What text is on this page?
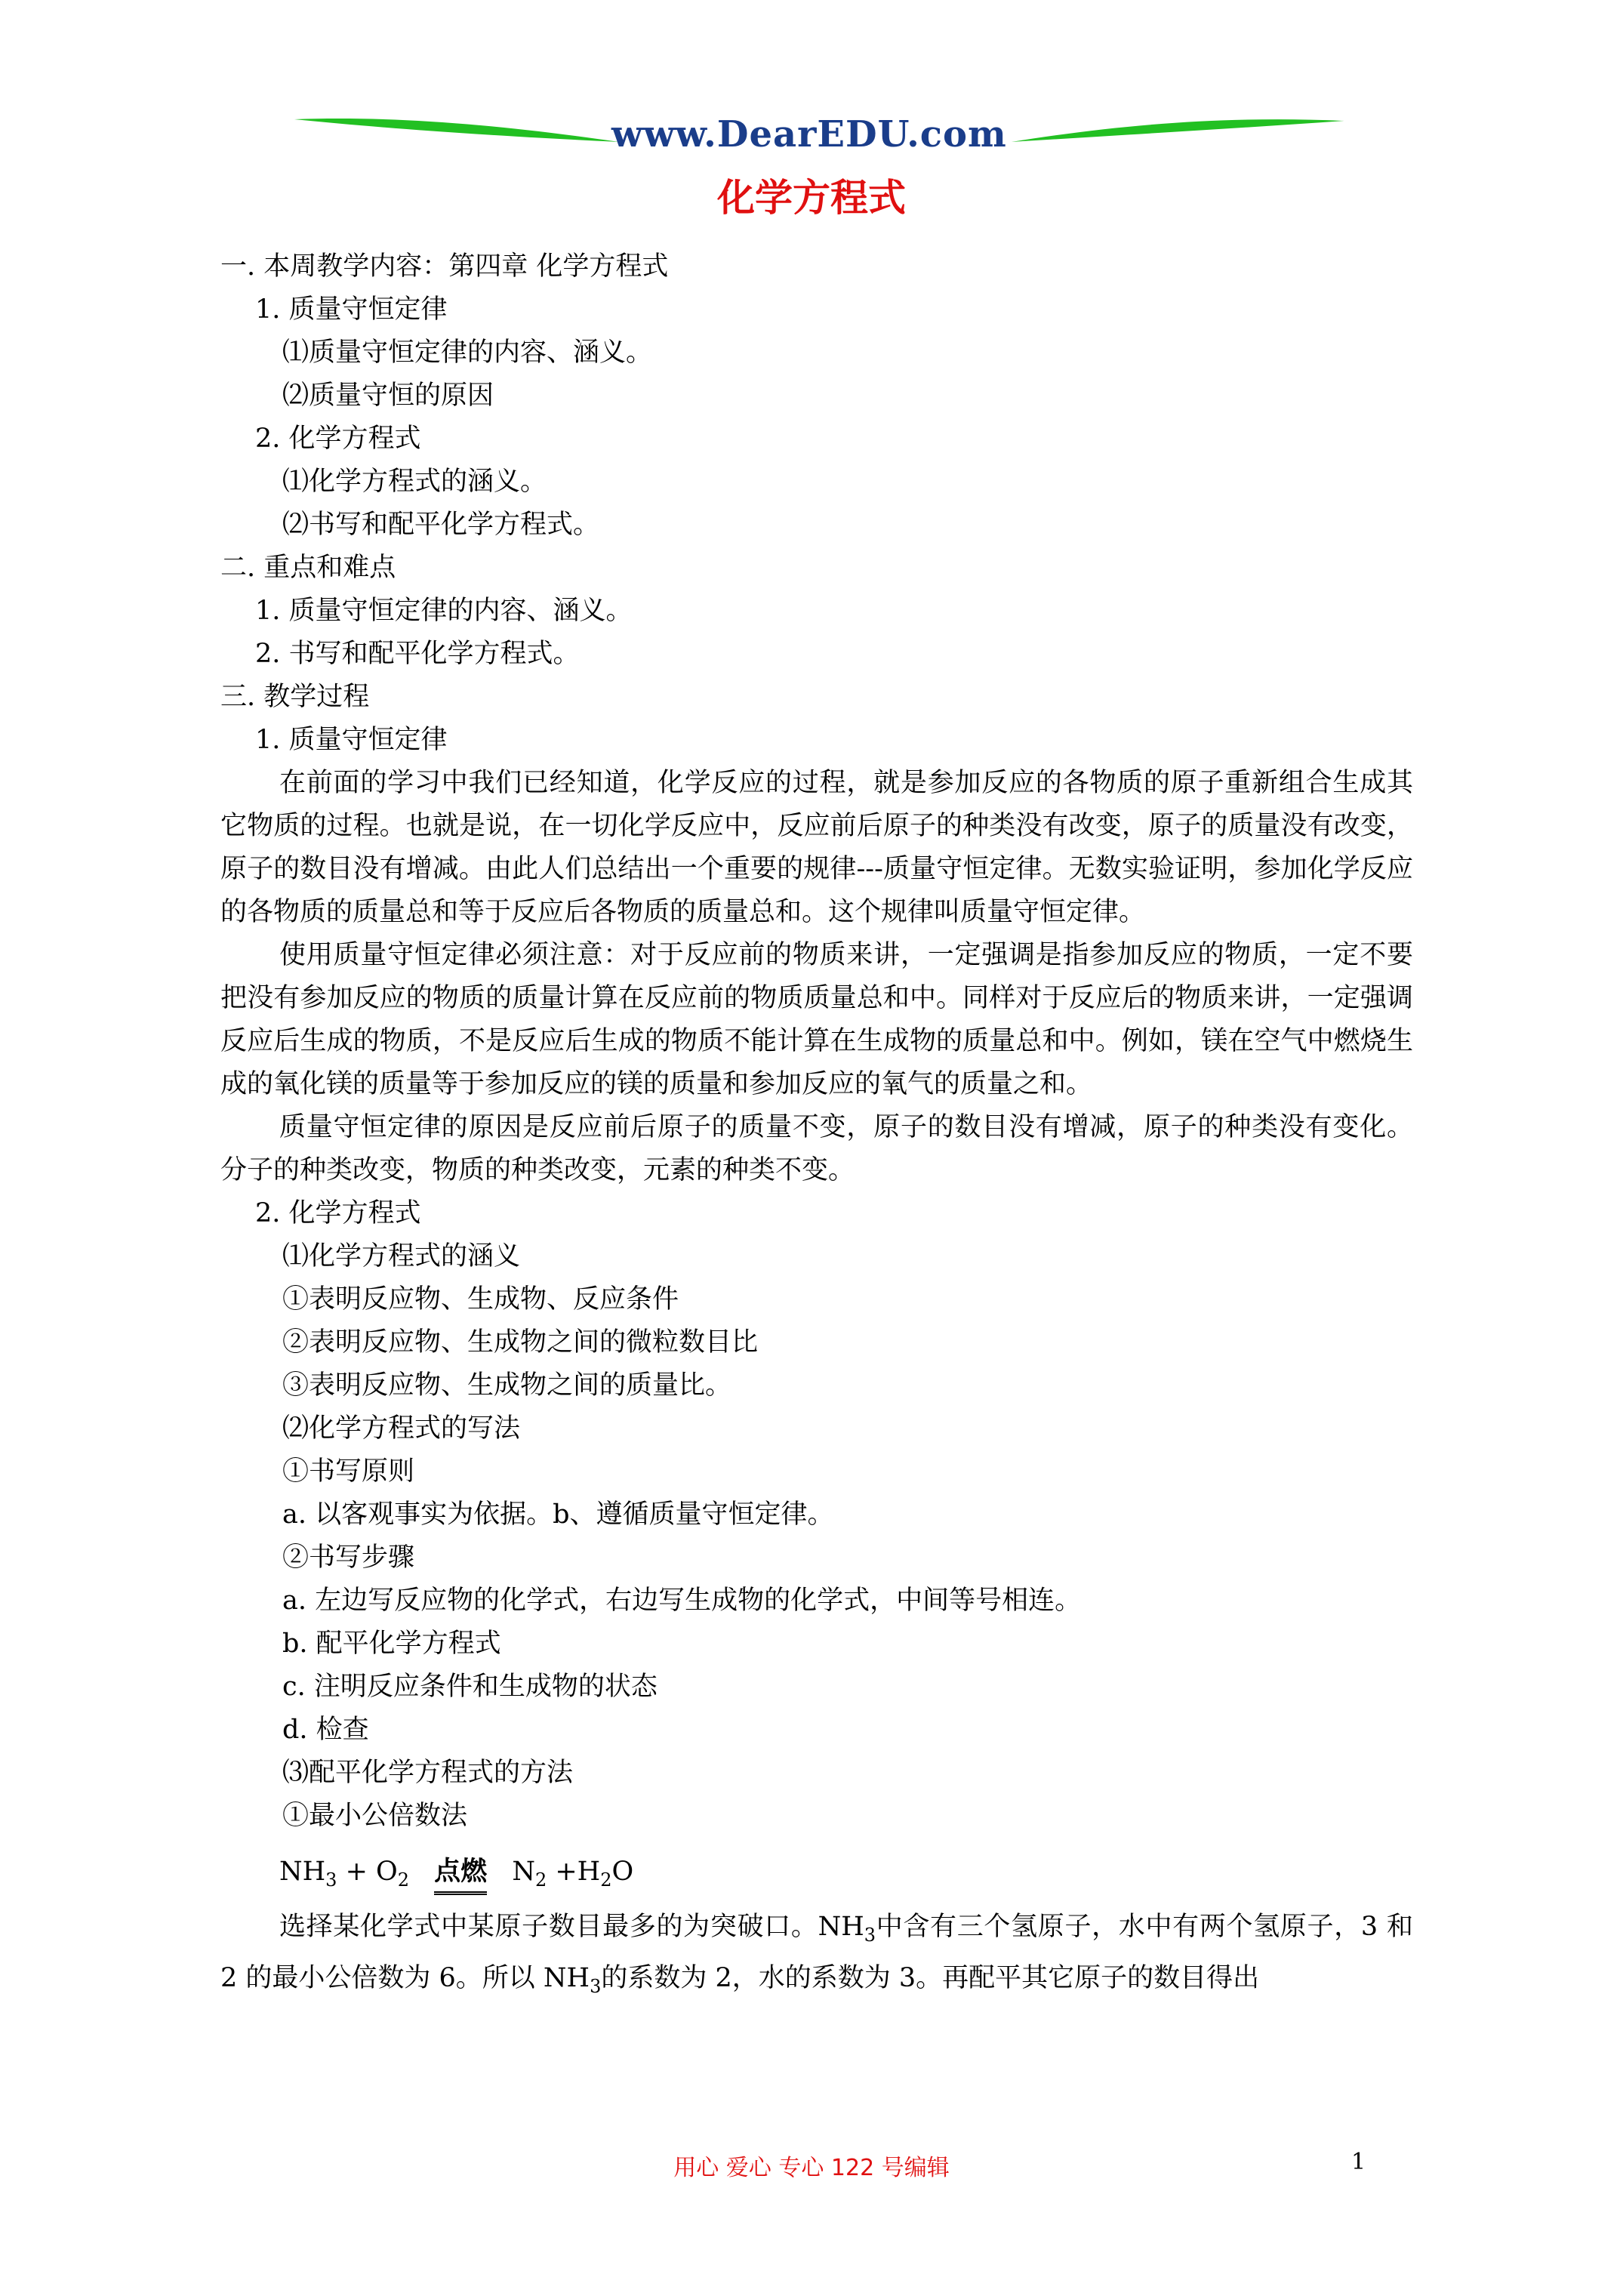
www.DearEDU.com
化学方程式
一. 本周教学内容：第四章 化学方程式
1. 质量守恒定律
⑴质量守恒定律的内容、涵义。
⑵质量守恒的原因
2. 化学方程式
⑴化学方程式的涵义。
⑵书写和配平化学方程式。
二. 重点和难点
1. 质量守恒定律的内容、涵义。
2. 书写和配平化学方程式。
三. 教学过程
1. 质量守恒定律

在前面的学习中我们已经知道，化学反应的过程，就是参加反应的各物质的原子重新组合生成其它物质的过程。也就是说，在一切化学反应中，反应前后原子的种类没有改变，原子的质量没有改变，原子的数目没有增减。由此人们总结出一个重要的规律---质量守恒定律。无数实验证明，参加化学反应的各物质的质量总和等于反应后各物质的质量总和。这个规律叫质量守恒定律。

使用质量守恒定律必须注意：对于反应前的物质来讲，一定强调是指参加反应的物质，一定不要把没有参加反应的物质的质量计算在反应前的物质质量总和中。同样对于反应后的物质来讲，一定强调反应后生成的物质，不是反应后生成的物质不能计算在生成物的质量总和中。例如，镁在空气中燃烧生成的氧化镁的质量等于参加反应的镁的质量和参加反应的氧气的质量之和。

质量守恒定律的原因是反应前后原子的质量不变，原子的数目没有增减，原子的种类没有变化。分子的种类改变，物质的种类改变，元素的种类不变。

2. 化学方程式
⑴化学方程式的涵义
①表明反应物、生成物、反应条件
②表明反应物、生成物之间的微粒数目比
③表明反应物、生成物之间的质量比。
⑵化学方程式的写法
①书写原则
a. 以客观事实为依据。b、遵循质量守恒定律。
②书写步骤
a. 左边写反应物的化学式，右边写生成物的化学式，中间等号相连。
b. 配平化学方程式
c. 注明反应条件和生成物的状态
d. 检查
⑶配平化学方程式的方法
①最小公倍数法
$NH_3 + O_2$ 点燃 $N_2 +H_2O$

选择某化学式中某原子数目最多的为突破口。$NH_3$中含有三个氢原子，水中有两个氢原子，3 和 2 的最小公倍数为 6。所以 $NH_3$的系数为 2，水的系数为 3。再配平其它原子的数目得出

用心 爱心 专心 122 号编辑	1
